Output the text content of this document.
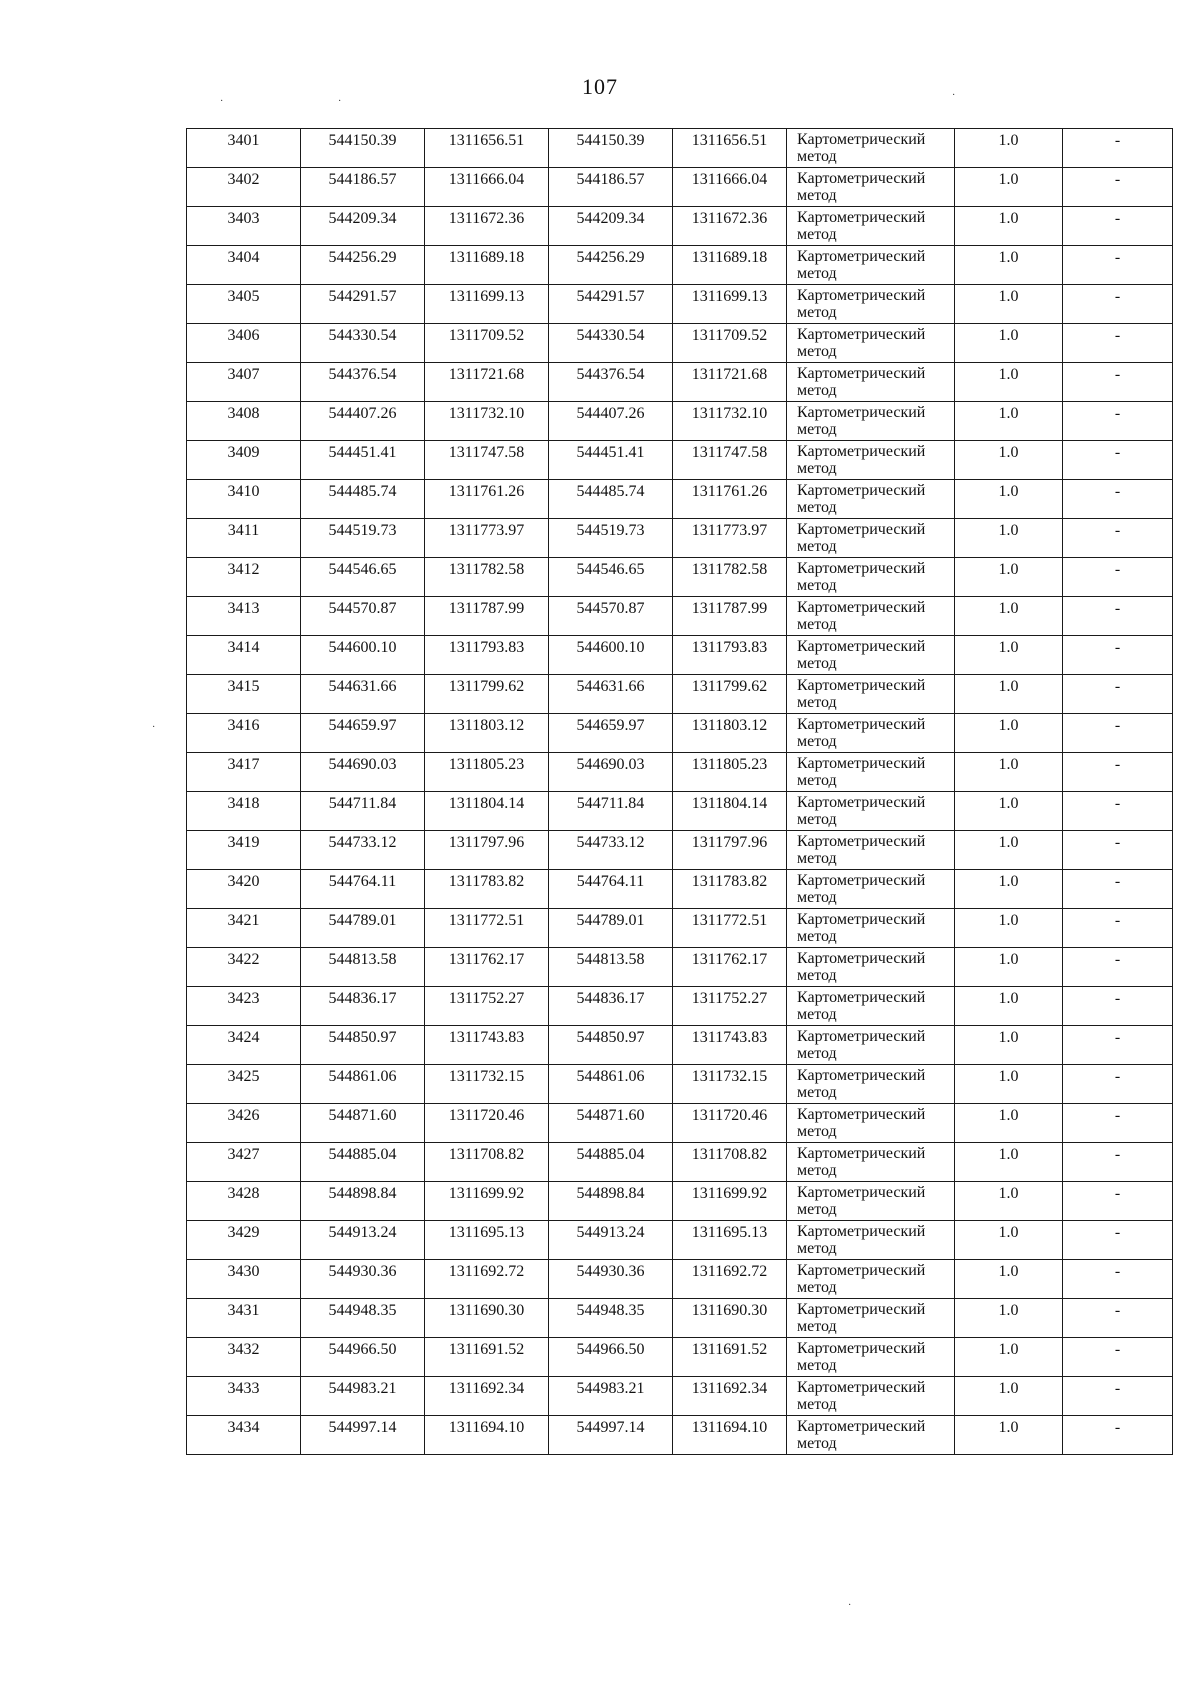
107
3401	544150.39	1311656.51	544150.39	1311656.51	Картометрический метод	1.0	-
3402	544186.57	1311666.04	544186.57	1311666.04	Картометрический метод	1.0	-
3403	544209.34	1311672.36	544209.34	1311672.36	Картометрический метод	1.0	-
3404	544256.29	1311689.18	544256.29	1311689.18	Картометрический метод	1.0	-
3405	544291.57	1311699.13	544291.57	1311699.13	Картометрический метод	1.0	-
3406	544330.54	1311709.52	544330.54	1311709.52	Картометрический метод	1.0	-
3407	544376.54	1311721.68	544376.54	1311721.68	Картометрический метод	1.0	-
3408	544407.26	1311732.10	544407.26	1311732.10	Картометрический метод	1.0	-
3409	544451.41	1311747.58	544451.41	1311747.58	Картометрический метод	1.0	-
3410	544485.74	1311761.26	544485.74	1311761.26	Картометрический метод	1.0	-
3411	544519.73	1311773.97	544519.73	1311773.97	Картометрический метод	1.0	-
3412	544546.65	1311782.58	544546.65	1311782.58	Картометрический метод	1.0	-
3413	544570.87	1311787.99	544570.87	1311787.99	Картометрический метод	1.0	-
3414	544600.10	1311793.83	544600.10	1311793.83	Картометрический метод	1.0	-
3415	544631.66	1311799.62	544631.66	1311799.62	Картометрический метод	1.0	-
3416	544659.97	1311803.12	544659.97	1311803.12	Картометрический метод	1.0	-
3417	544690.03	1311805.23	544690.03	1311805.23	Картометрический метод	1.0	-
3418	544711.84	1311804.14	544711.84	1311804.14	Картометрический метод	1.0	-
3419	544733.12	1311797.96	544733.12	1311797.96	Картометрический метод	1.0	-
3420	544764.11	1311783.82	544764.11	1311783.82	Картометрический метод	1.0	-
3421	544789.01	1311772.51	544789.01	1311772.51	Картометрический метод	1.0	-
3422	544813.58	1311762.17	544813.58	1311762.17	Картометрический метод	1.0	-
3423	544836.17	1311752.27	544836.17	1311752.27	Картометрический метод	1.0	-
3424	544850.97	1311743.83	544850.97	1311743.83	Картометрический метод	1.0	-
3425	544861.06	1311732.15	544861.06	1311732.15	Картометрический метод	1.0	-
3426	544871.60	1311720.46	544871.60	1311720.46	Картометрический метод	1.0	-
3427	544885.04	1311708.82	544885.04	1311708.82	Картометрический метод	1.0	-
3428	544898.84	1311699.92	544898.84	1311699.92	Картометрический метод	1.0	-
3429	544913.24	1311695.13	544913.24	1311695.13	Картометрический метод	1.0	-
3430	544930.36	1311692.72	544930.36	1311692.72	Картометрический метод	1.0	-
3431	544948.35	1311690.30	544948.35	1311690.30	Картометрический метод	1.0	-
3432	544966.50	1311691.52	544966.50	1311691.52	Картометрический метод	1.0	-
3433	544983.21	1311692.34	544983.21	1311692.34	Картометрический метод	1.0	-
3434	544997.14	1311694.10	544997.14	1311694.10	Картометрический метод	1.0	-
·	·
·
·
·
